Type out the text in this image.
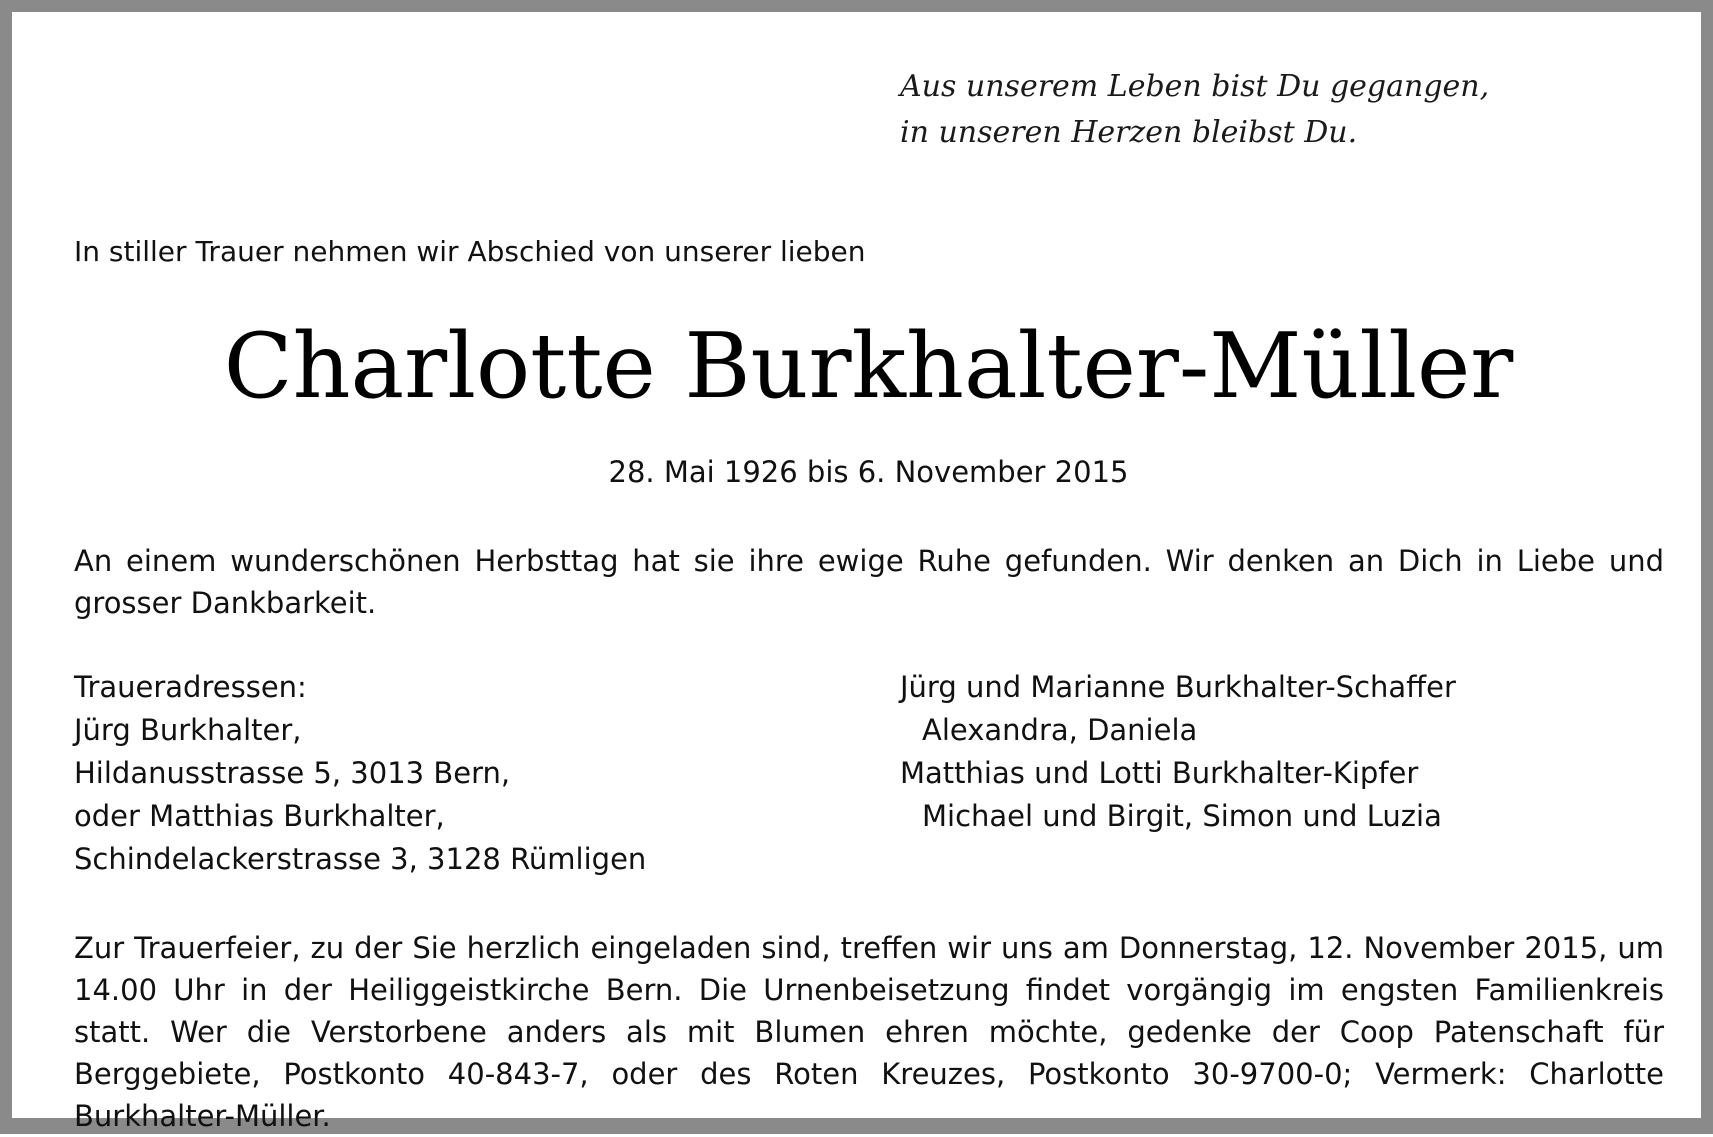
Aus unserem Leben bist Du gegangen,
in unseren Herzen bleibst Du.
In stiller Trauer nehmen wir Abschied von unserer lieben
Charlotte Burkhalter-Müller
28. Mai 1926 bis 6. November 2015
An einem wunderschönen Herbsttag hat sie ihre ewige Ruhe gefunden. Wir denken an Dich in Liebe und grosser Dankbarkeit.
Traueradressen:
Jürg Burkhalter,
Hildanusstrasse 5, 3013 Bern,
oder Matthias Burkhalter,
Schindelackerstrasse 3, 3128 Rümligen
Jürg und Marianne Burkhalter-Schaffer
Alexandra, Daniela
Matthias und Lotti Burkhalter-Kipfer
Michael und Birgit, Simon und Luzia
Zur Trauerfeier, zu der Sie herzlich eingeladen sind, treffen wir uns am Donnerstag, 12. November 2015, um 14.00 Uhr in der Heiliggeistkirche Bern. Die Urnenbeisetzung findet vorgängig im engsten Familienkreis statt. Wer die Verstorbene anders als mit Blumen ehren möchte, gedenke der Coop Patenschaft für Berggebiete, Postkonto 40-843-7, oder des Roten Kreuzes, Postkonto 30-9700-0; Vermerk: Charlotte Burkhalter-Müller.
